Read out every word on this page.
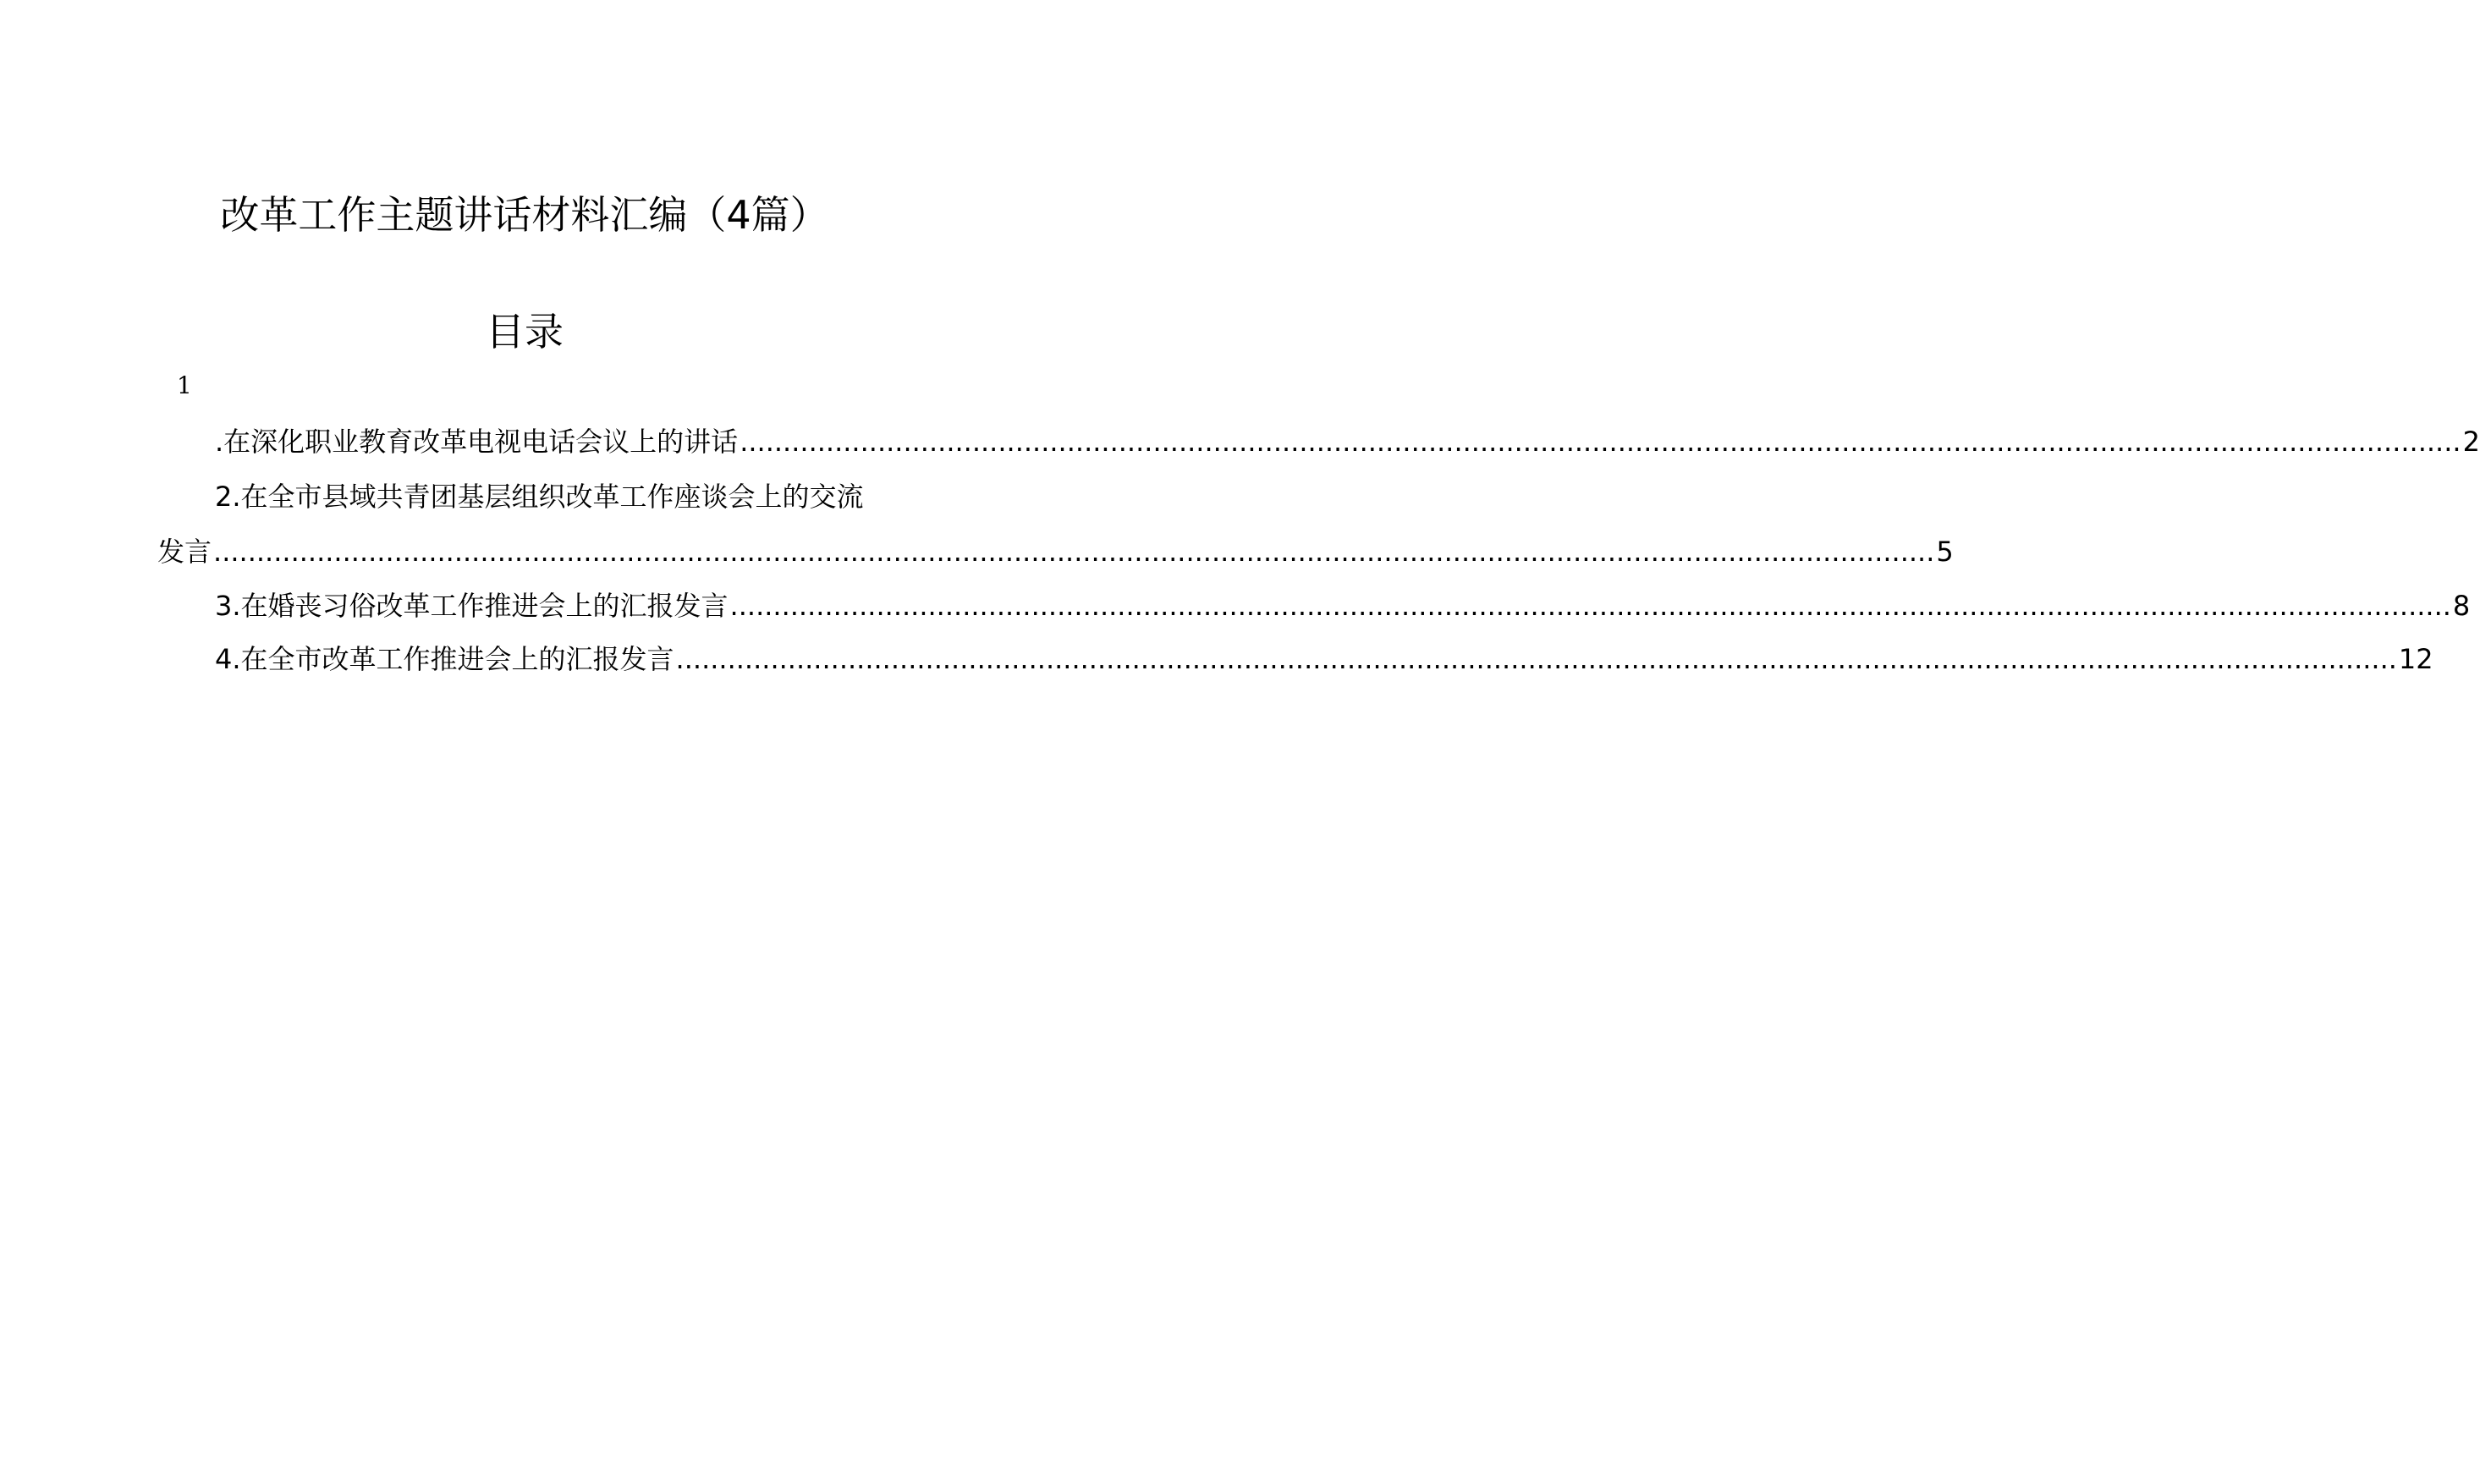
改革工作主题讲话材料汇编（4篇）
目录
1
.在深化职业教育改革电视电话会议上的讲话 ........................................................................................................................................................................................................ 2
2.在全市县域共青团基层组织改革工作座谈会上的交流
发言 ........................................................................................................................................................................................................ 5
3.在婚丧习俗改革工作推进会上的汇报发言 ........................................................................................................................................................................................................ 8
4.在全市改革工作推进会上的汇报发言 ........................................................................................................................................................................................................ 12
